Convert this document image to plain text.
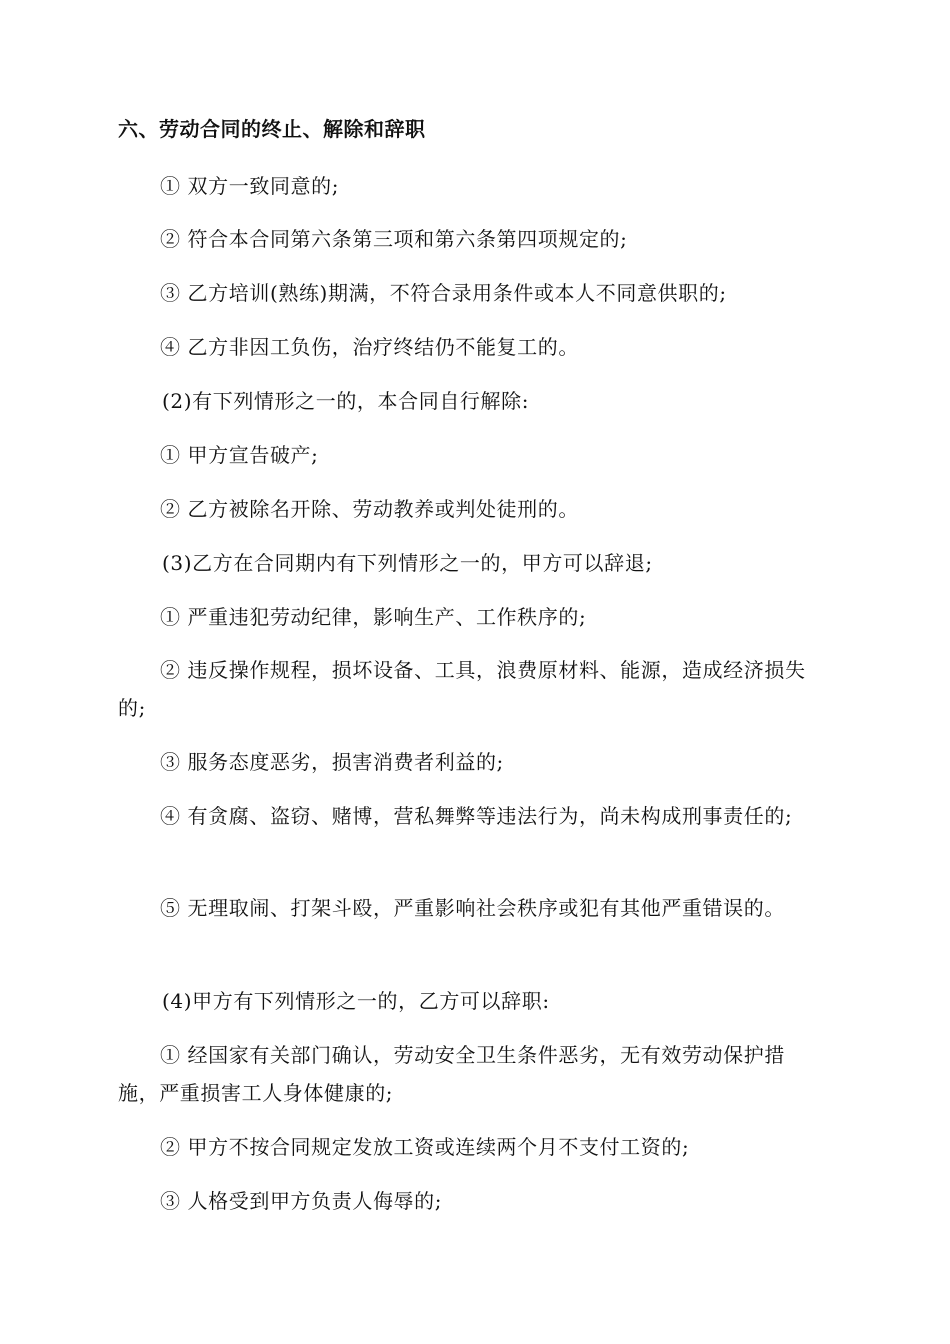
六、劳动合同的终止、解除和辞职
① 双方一致同意的;
② 符合本合同第六条第三项和第六条第四项规定的;
③ 乙方培训(熟练)期满，不符合录用条件或本人不同意供职的;
④ 乙方非因工负伤，治疗终结仍不能复工的。
(2)有下列情形之一的，本合同自行解除:
① 甲方宣告破产;
② 乙方被除名开除、劳动教养或判处徒刑的。
(3)乙方在合同期内有下列情形之一的，甲方可以辞退;
① 严重违犯劳动纪律，影响生产、工作秩序的;
② 违反操作规程，损坏设备、工具，浪费原材料、能源，造成经济损失的;
③ 服务态度恶劣，损害消费者利益的;
④ 有贪腐、盗窃、赌博，营私舞弊等违法行为，尚未构成刑事责任的;
⑤ 无理取闹、打架斗殴，严重影响社会秩序或犯有其他严重错误的。
(4)甲方有下列情形之一的，乙方可以辞职:
① 经国家有关部门确认，劳动安全卫生条件恶劣，无有效劳动保护措施，严重损害工人身体健康的;
② 甲方不按合同规定发放工资或连续两个月不支付工资的;
③ 人格受到甲方负责人侮辱的;
